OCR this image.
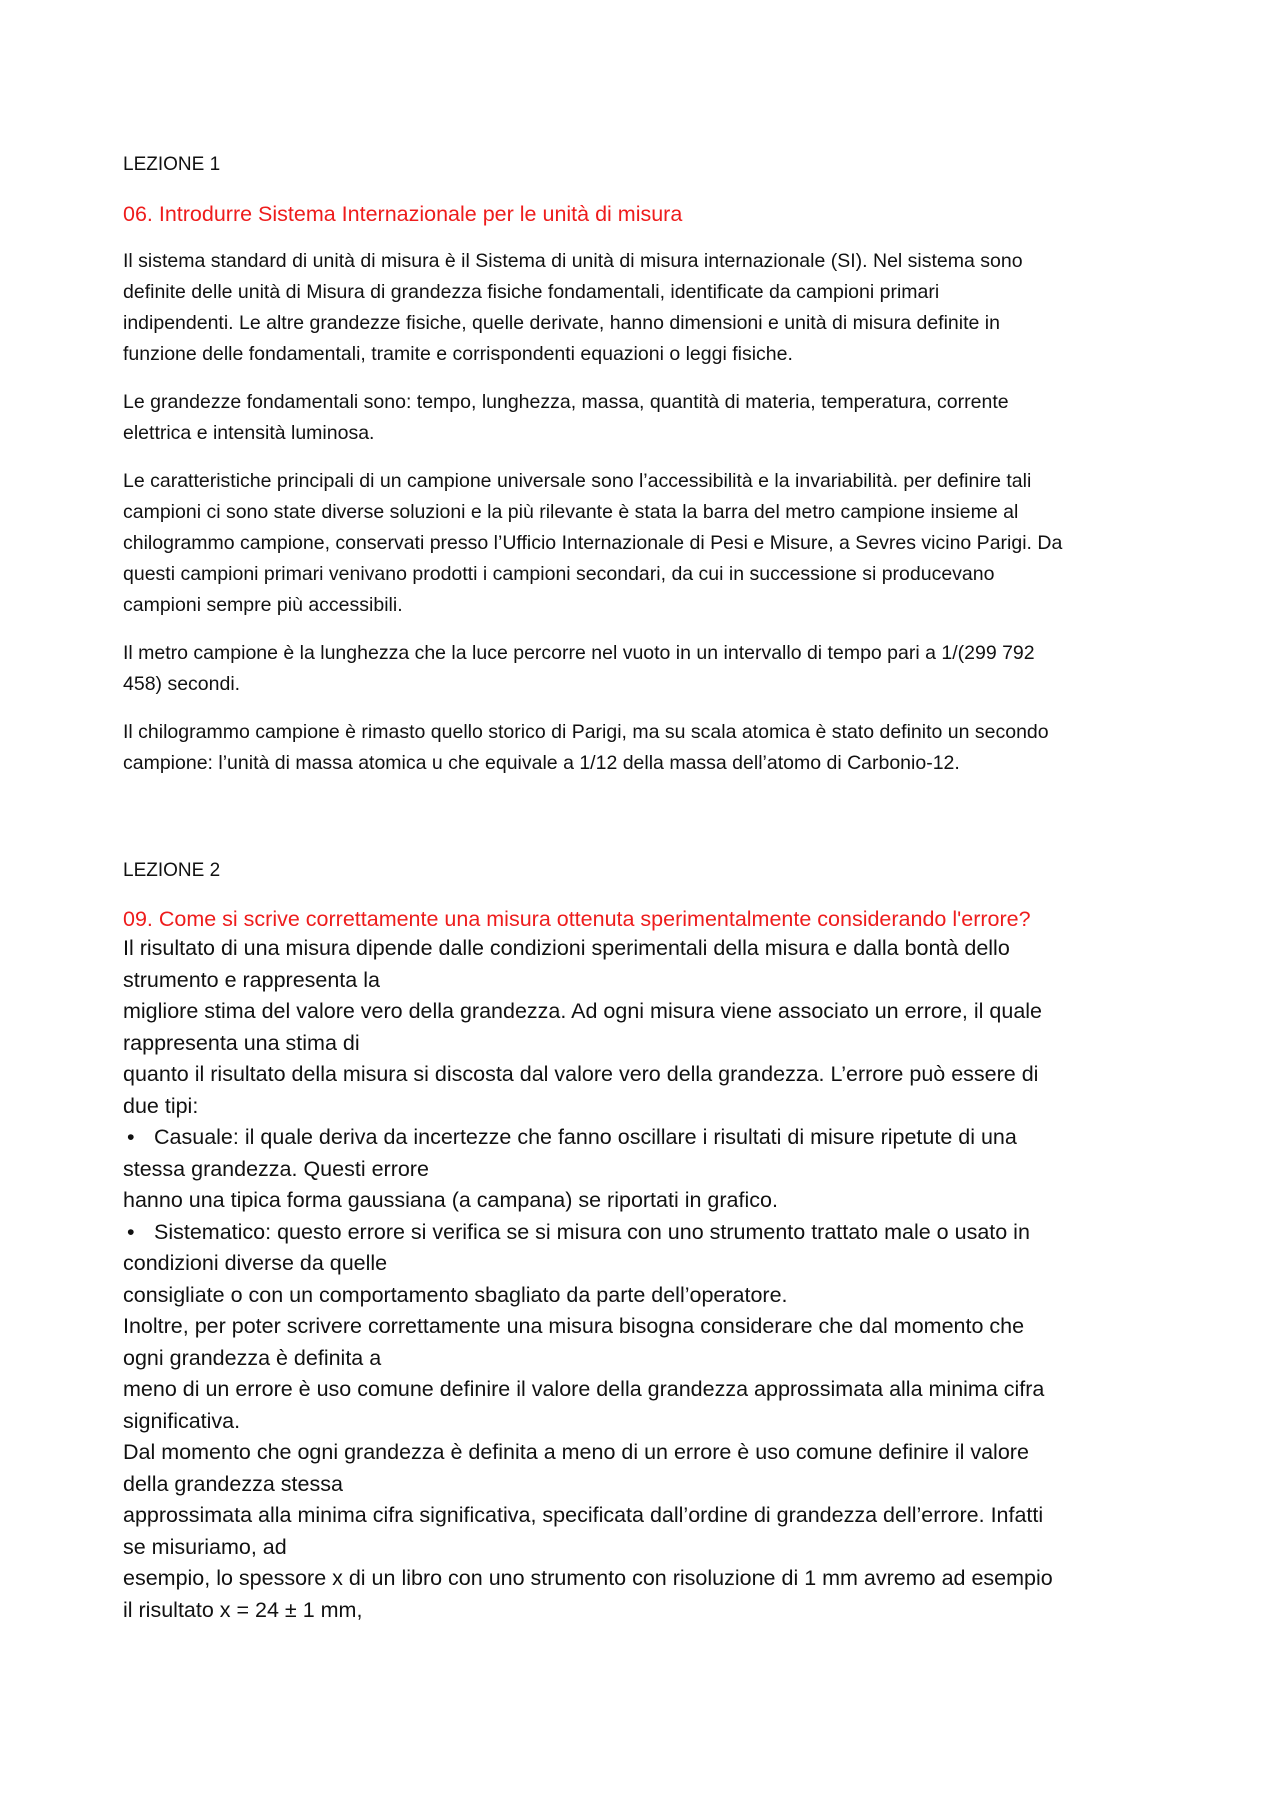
LEZIONE 1

06. Introdurre Sistema Internazionale per le unità di misura

Il sistema standard di unità di misura è il Sistema di unità di misura internazionale (SI). Nel sistema sono
definite delle unità di Misura di grandezza fisiche fondamentali, identificate da campioni primari
indipendenti. Le altre grandezze fisiche, quelle derivate, hanno dimensioni e unità di misura definite in
funzione delle fondamentali, tramite e corrispondenti equazioni o leggi fisiche.

Le grandezze fondamentali sono: tempo, lunghezza, massa, quantità di materia, temperatura, corrente
elettrica e intensità luminosa.

Le caratteristiche principali di un campione universale sono l’accessibilità e la invariabilità. per definire tali
campioni ci sono state diverse soluzioni e la più rilevante è stata la barra del metro campione insieme al
chilogrammo campione, conservati presso l’Ufficio Internazionale di Pesi e Misure, a Sevres vicino Parigi. Da
questi campioni primari venivano prodotti i campioni secondari, da cui in successione si producevano
campioni sempre più accessibili.

Il metro campione è la lunghezza che la luce percorre nel vuoto in un intervallo di tempo pari a 1/(299 792
458) secondi.

Il chilogrammo campione è rimasto quello storico di Parigi, ma su scala atomica è stato definito un secondo
campione: l’unità di massa atomica u che equivale a 1/12 della massa dell’atomo di Carbonio-12.

LEZIONE 2

09. Come si scrive correttamente una misura ottenuta sperimentalmente considerando l'errore?

Il risultato di una misura dipende dalle condizioni sperimentali della misura e dalla bontà dello
strumento e rappresenta la
migliore stima del valore vero della grandezza. Ad ogni misura viene associato un errore, il quale
rappresenta una stima di
quanto il risultato della misura si discosta dal valore vero della grandezza. L’errore può essere di
due tipi:
• Casuale: il quale deriva da incertezze che fanno oscillare i risultati di misure ripetute di una
stessa grandezza. Questi errore
hanno una tipica forma gaussiana (a campana) se riportati in grafico.
• Sistematico: questo errore si verifica se si misura con uno strumento trattato male o usato in
condizioni diverse da quelle
consigliate o con un comportamento sbagliato da parte dell’operatore.
Inoltre, per poter scrivere correttamente una misura bisogna considerare che dal momento che
ogni grandezza è definita a
meno di un errore è uso comune definire il valore della grandezza approssimata alla minima cifra
significativa.
Dal momento che ogni grandezza è definita a meno di un errore è uso comune definire il valore
della grandezza stessa
approssimata alla minima cifra significativa, specificata dall’ordine di grandezza dell’errore. Infatti
se misuriamo, ad
esempio, lo spessore x di un libro con uno strumento con risoluzione di 1 mm avremo ad esempio
il risultato x = 24 ± 1 mm,
